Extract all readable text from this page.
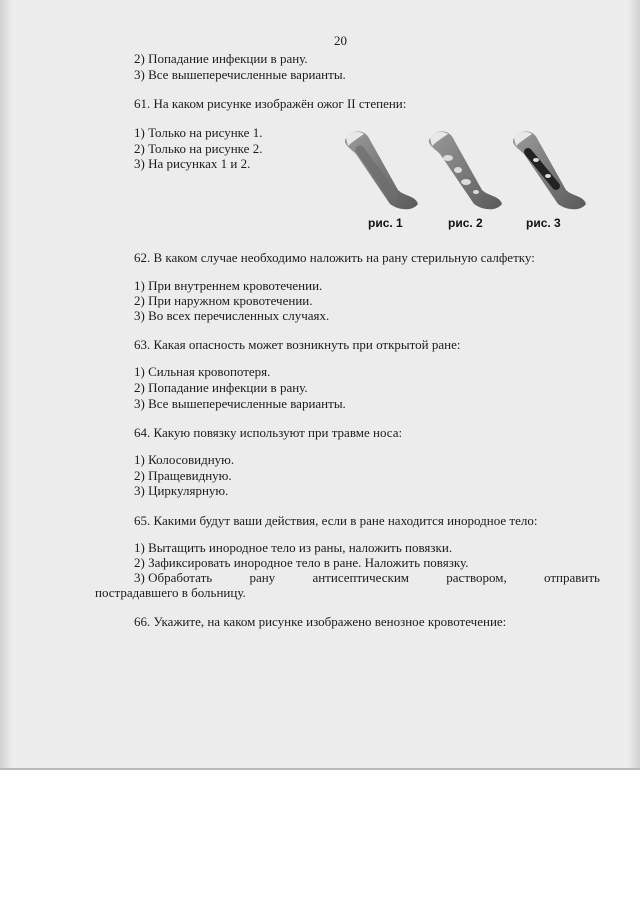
20

2) Попадание инфекции в рану.

3) Все вышеперечисленные варианты.

61. На каком рисунке изображён ожог II степени:

1) Только на рисунке 1.

2) Только на рисунке 2.

3) На рисунках 1 и 2.

рис. 1	рис. 2	рис. 3

62. В каком случае необходимо наложить на рану стерильную салфетку:

1) При внутреннем кровотечении.

2) При наружном кровотечении.

3) Во всех перечисленных случаях.

63. Какая опасность может возникнуть при открытой ране:

1) Сильная кровопотеря.

2) Попадание инфекции в рану.

3) Все вышеперечисленные варианты.

64. Какую повязку используют при травме носа:

1) Колосовидную.

2) Пращевидную.

3) Циркулярную.

65. Какими будут ваши действия, если в ране находится инородное тело:

1) Вытащить инородное тело из раны, наложить повязки.

2) Зафиксировать инородное тело в ране. Наложить повязку.

3) Обработать	рану	антисептическим	раствором,	отправить

пострадавшего в больницу.

66. Укажите, на каком рисунке изображено венозное кровотечение:
